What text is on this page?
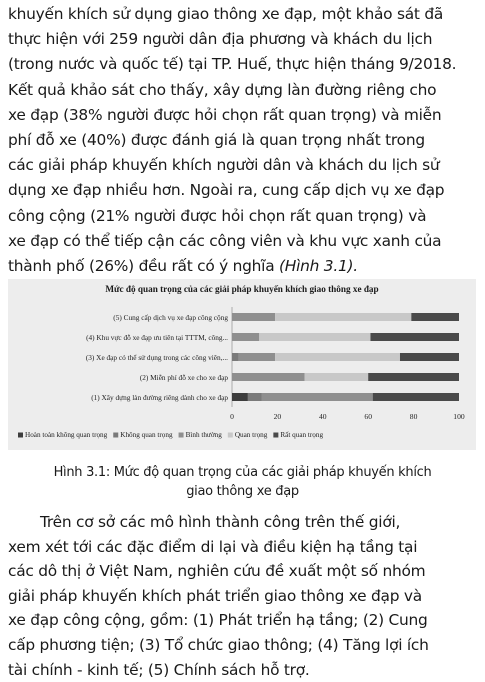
khuyến khích sử dụng giao thông xe đạp, một khảo sát đã
thực hiện với 259 người dân địa phương và khách du lịch
(trong nước và quốc tế) tại TP. Huế, thực hiện tháng 9/2018.
Kết quả khảo sát cho thấy, xây dựng làn đường riêng cho
xe đạp (38% người được hỏi chọn rất quan trọng) và miễn
phí đỗ xe (40%) được đánh giá là quan trọng nhất trong
các giải pháp khuyến khích người dân và khách du lịch sử
dụng xe đạp nhiều hơn. Ngoài ra, cung cấp dịch vụ xe đạp
công cộng (21% người được hỏi chọn rất quan trọng) và
xe đạp có thể tiếp cận các công viên và khu vực xanh của
thành phố (26%) đều rất có ý nghĩa (Hình 3.1).
Mức độ quan trọng của các giải pháp khuyến khích giao thông xe đạp
(5) Cung cấp dịch vụ xe đạp công cộng
(4) Khu vực đỗ xe đạp ưu tiên tại TTTM, công...
(3) Xe đạp có thể sử dụng trong các công viên,...
(2) Miễn phí đỗ xe cho xe đạp
(1) Xây dựng làn đường riêng dành cho xe đạp
0	20	40	60	80	100
Hoàn toàn không quan trọng Không quan trọng Bình thường Quan trọng Rất quan trọng
Hình 3.1: Mức độ quan trọng của các giải pháp khuyến khích
giao thông xe đạp
Trên cơ sở các mô hình thành công trên thế giới,
xem xét tới các đặc điểm di lại và điều kiện hạ tầng tại
các dô thị ở Việt Nam, nghiên cứu đề xuất một số nhóm
giải pháp khuyến khích phát triển giao thông xe đạp và
xe đạp công cộng, gồm: (1) Phát triển hạ tầng; (2) Cung
cấp phương tiện; (3) Tổ chức giao thông; (4) Tăng lợi ích
tài chính - kinh tế; (5) Chính sách hỗ trợ.
